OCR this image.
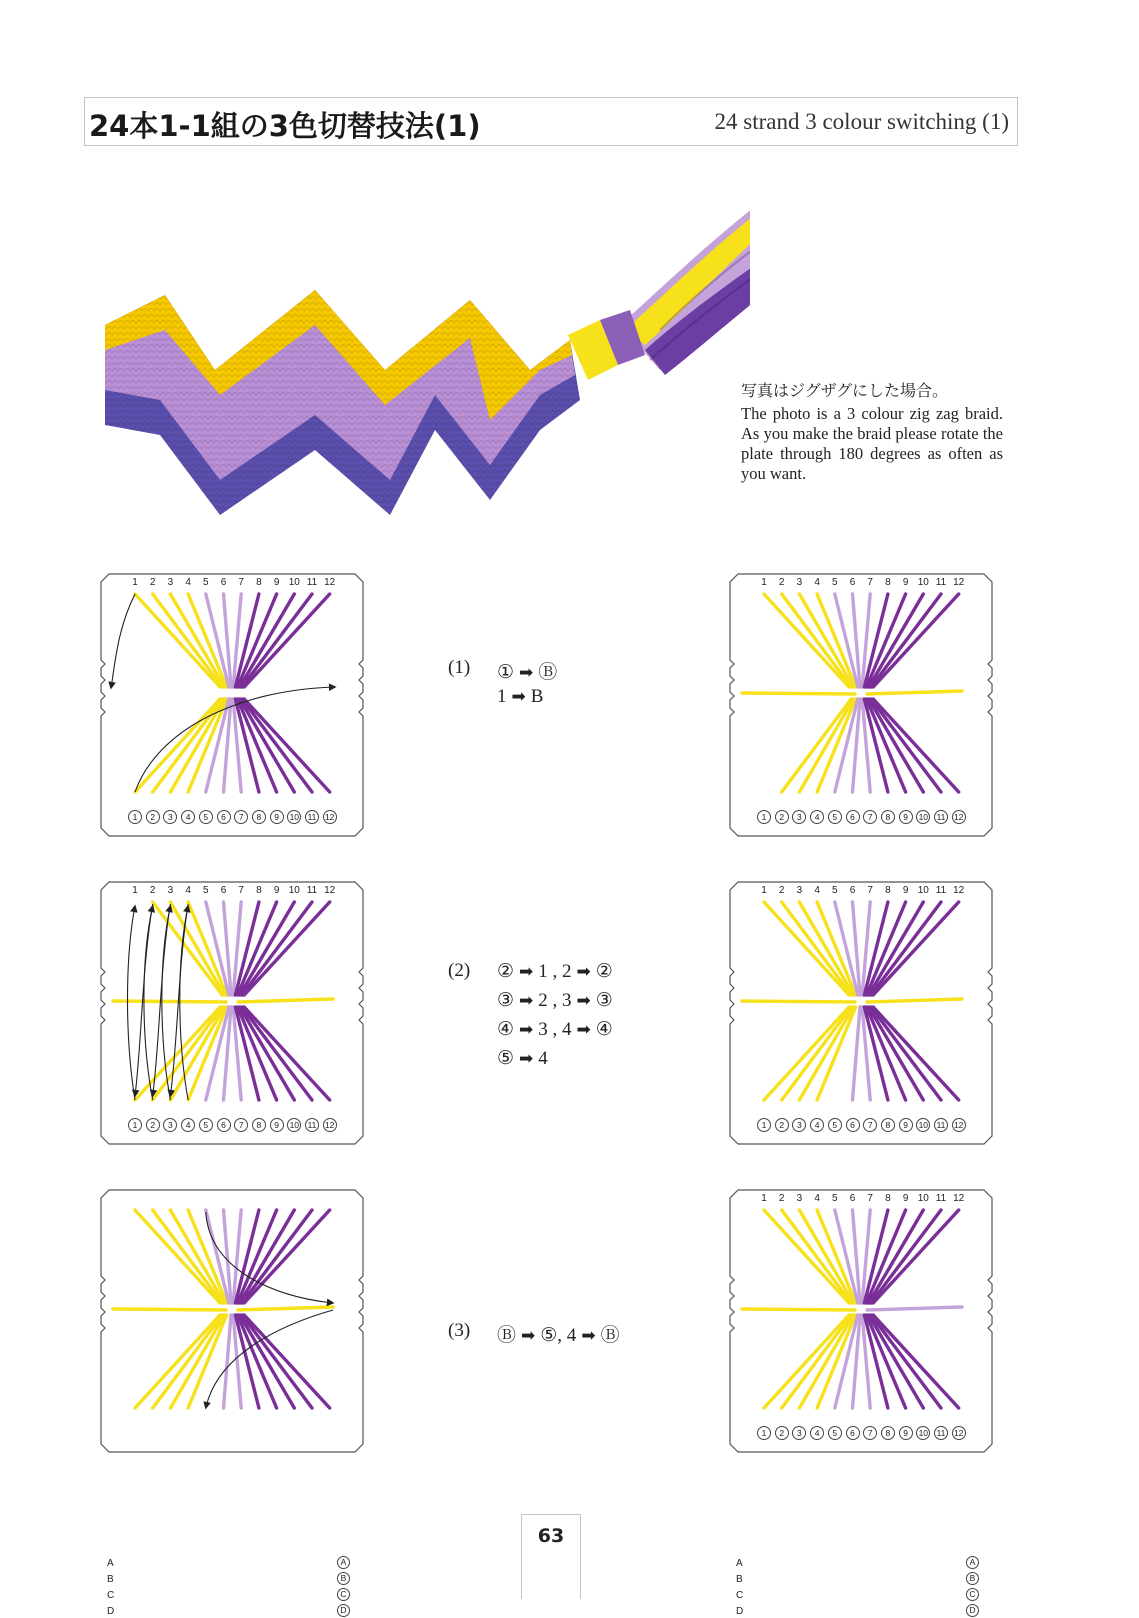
24本1-1組の3色切替技法(1)	24 strand 3 colour switching (1)
写真はジグザグにした場合。
The photo is a 3 colour zig zag braid. As you make the braid please rotate the plate through 180 degrees as often as you want.
1	2	3	4	5	6	7	8	9 10 11 12
1	2	3	4	5	6	7	8	9	10	11	12
1	2	3	4	5	6	7	8	9 10 11 12
1	2	3	4	5	6	7	8	9	10	11	12
1	2	3	4	5	6	7	8	9 10 11 12
1	2	3	4	5	6	7	8	9	10	11	12
1	2	3	4	5	6	7	8	9 10 11 12
1	2	3	4	5	6	7	8	9	10	11	12
A
B
C
D
A
B
C
D
1	2	3	4	5	6	7	8	9 10 11 12
1	2	3	4	5	6	7	8	9	10	11	12
A
B
C
D
A
B
C
D
(1) ① ➡ Ⓑ
1 ➡ B
(2) ② ➡ 1 , 2 ➡ ②
③ ➡ 2 , 3 ➡ ③
④ ➡ 3 , 4 ➡ ④
⑤ ➡ 4
(3) Ⓑ ➡ ⑤, 4 ➡ Ⓑ
63
